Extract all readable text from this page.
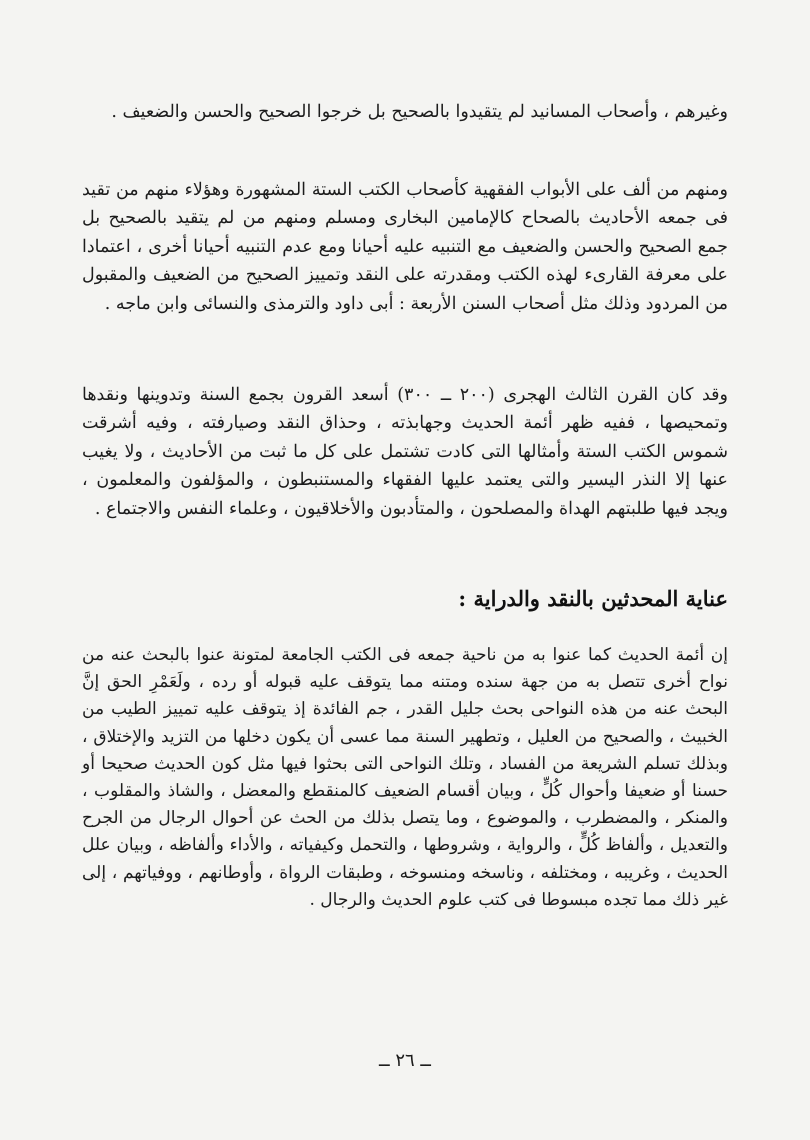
وغيرهم ، وأصحاب المسانيد لم يتقيدوا بالصحيح بل خرجوا الصحيح والحسن والضعيف .

ومنهم من ألف على الأبواب الفقهية كأصحاب الكتب الستة المشهورة وهؤلاء منهم من تقيد فى جمعه الأحاديث بالصحاح كالإمامين البخارى ومسلم ومنهم من لم يتقيد بالصحيح بل جمع الصحيح والحسن والضعيف مع التنبيه عليه أحيانا ومع عدم التنبيه أحيانا أخرى ، اعتمادا على معرفة القارىء لهذه الكتب ومقدرته على النقد وتمييز الصحيح من الضعيف والمقبول من المردود وذلك مثل أصحاب السنن الأربعة : أبى داود والترمذى والنسائى وابن ماجه .

وقد كان القرن الثالث الهجرى (٢٠٠ ــ ٣٠٠) أسعد القرون بجمع السنة وتدوينها ونقدها وتمحيصها ، ففيه ظهر أئمة الحديث وجهابذته ، وحذاق النقد وصيارفته ، وفيه أشرقت شموس الكتب الستة وأمثالها التى كادت تشتمل على كل ما ثبت من الأحاديث ، ولا يغيب عنها إلا النذر اليسير والتى يعتمد عليها الفقهاء والمستنبطون ، والمؤلفون والمعلمون ، ويجد فيها طلبتهم الهداة والمصلحون ، والمتأدبون والأخلاقيون ، وعلماء النفس والاجتماع .

عناية المحدثين بالنقد والدراية :

إن أئمة الحديث كما عنوا به من ناحية جمعه فى الكتب الجامعة لمتونة عنوا بالبحث عنه من نواح أخرى تتصل به من جهة سنده ومتنه مما يتوقف عليه قبوله أو رده ، ولَعَمْرِ الحق إنَّ البحث عنه من هذه النواحى بحث جليل القدر ، جم الفائدة إذ يتوقف عليه تمييز الطيب من الخبيث ، والصحيح من العليل ، وتطهير السنة مما عسى أن يكون دخلها من التزيد والإختلاق ، وبذلك تسلم الشريعة من الفساد ، وتلك النواحى التى بحثوا فيها مثل كون الحديث صحيحا أو حسنا أو ضعيفا وأحوال كُلٍّ ، وبيان أقسام الضعيف كالمنقطع والمعضل ، والشاذ والمقلوب ، والمنكر ، والمضطرب ، والموضوع ، وما يتصل بذلك من الحث عن أحوال الرجال من الجرح والتعديل ، وألفاظ كُلٍّ ، والرواية ، وشروطها ، والتحمل وكيفياته ، والأداء وألفاظه ، وبيان علل الحديث ، وغريبه ، ومختلفه ، وناسخه ومنسوخه ، وطبقات الرواة ، وأوطانهم ، ووفياتهم ، إلى غير ذلك مما تجده مبسوطا فى كتب علوم الحديث والرجال .

ــ ٢٦ ــ
